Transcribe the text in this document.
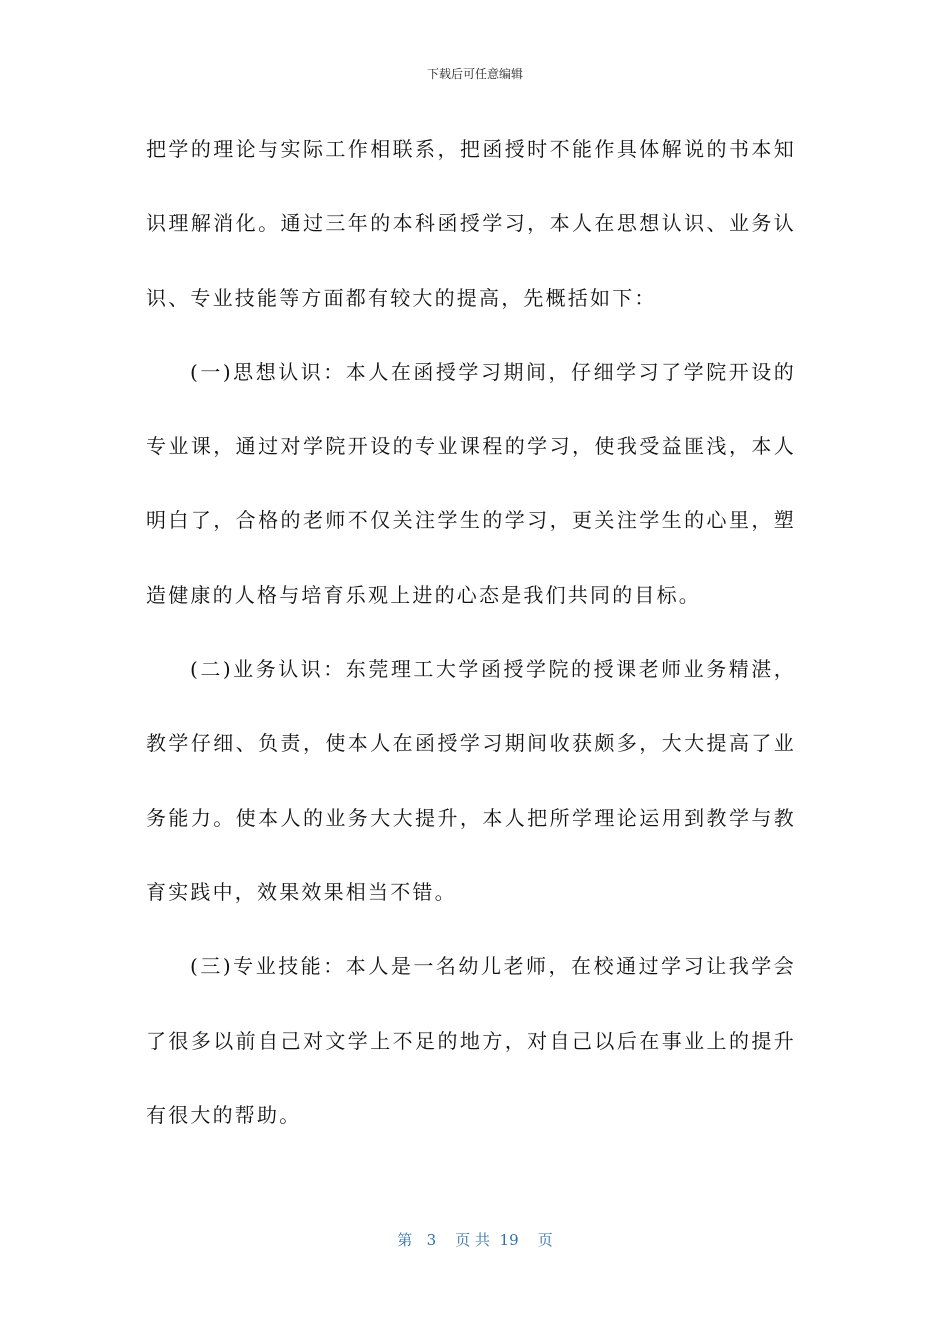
下载后可任意编辑

把学的理论与实际工作相联系，把函授时不能作具体解说的书本知识理解消化。通过三年的本科函授学习，本人在思想认识、业务认识、专业技能等方面都有较大的提高，先概括如下：

(一)思想认识：本人在函授学习期间，仔细学习了学院开设的专业课，通过对学院开设的专业课程的学习，使我受益匪浅，本人明白了，合格的老师不仅关注学生的学习，更关注学生的心里，塑造健康的人格与培育乐观上进的心态是我们共同的目标。

(二)业务认识：东莞理工大学函授学院的授课老师业务精湛，教学仔细、负责，使本人在函授学习期间收获颇多，大大提高了业务能力。使本人的业务大大提升，本人把所学理论运用到教学与教育实践中，效果效果相当不错。

(三)专业技能：本人是一名幼儿老师，在校通过学习让我学会了很多以前自己对文学上不足的地方，对自己以后在事业上的提升有很大的帮助。

第 3 页 共 19 页
